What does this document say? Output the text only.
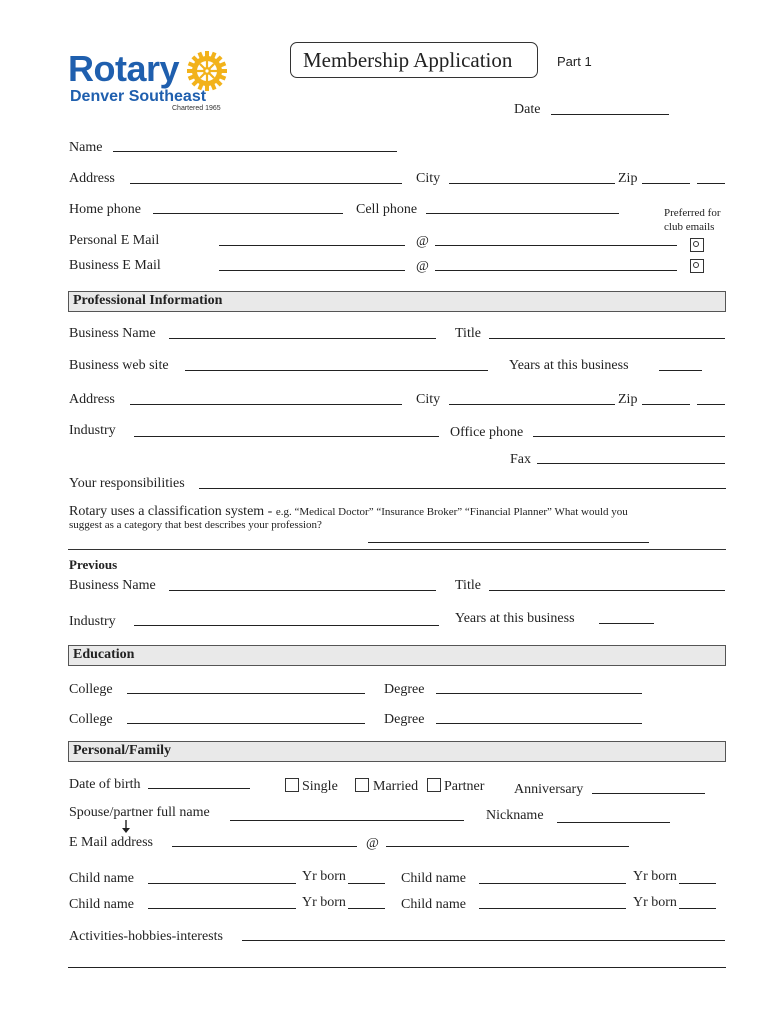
Rotary
Denver Southeast
Chartered 1965
Membership Application	Part 1
Date
Name
Address	City	Zip
Home phone	Cell phone	Preferred for
club emails
Personal E Mail	@
Business E Mail	@
Professional Information
Business Name	Title
Business web site	Years at this business
Address	City	Zip
Industry	Office phone
Fax
Your responsibilities
Rotary uses a classification system - e.g. “Medical Doctor” “Insurance Broker” “Financial Planner” What would you
suggest as a category that best describes your profession?
Previous
Business Name	Title
Industry	Years at this business
Education
College	Degree
College	Degree
Personal/Family
Date of birth	Single	Married Partner Anniversary
Spouse/partner full name	Nickname
E Mail address	@
Child name	Yr born	Child name	Yr born
Child name	Yr born	Child name	Yr born
Activities-hobbies-interests
